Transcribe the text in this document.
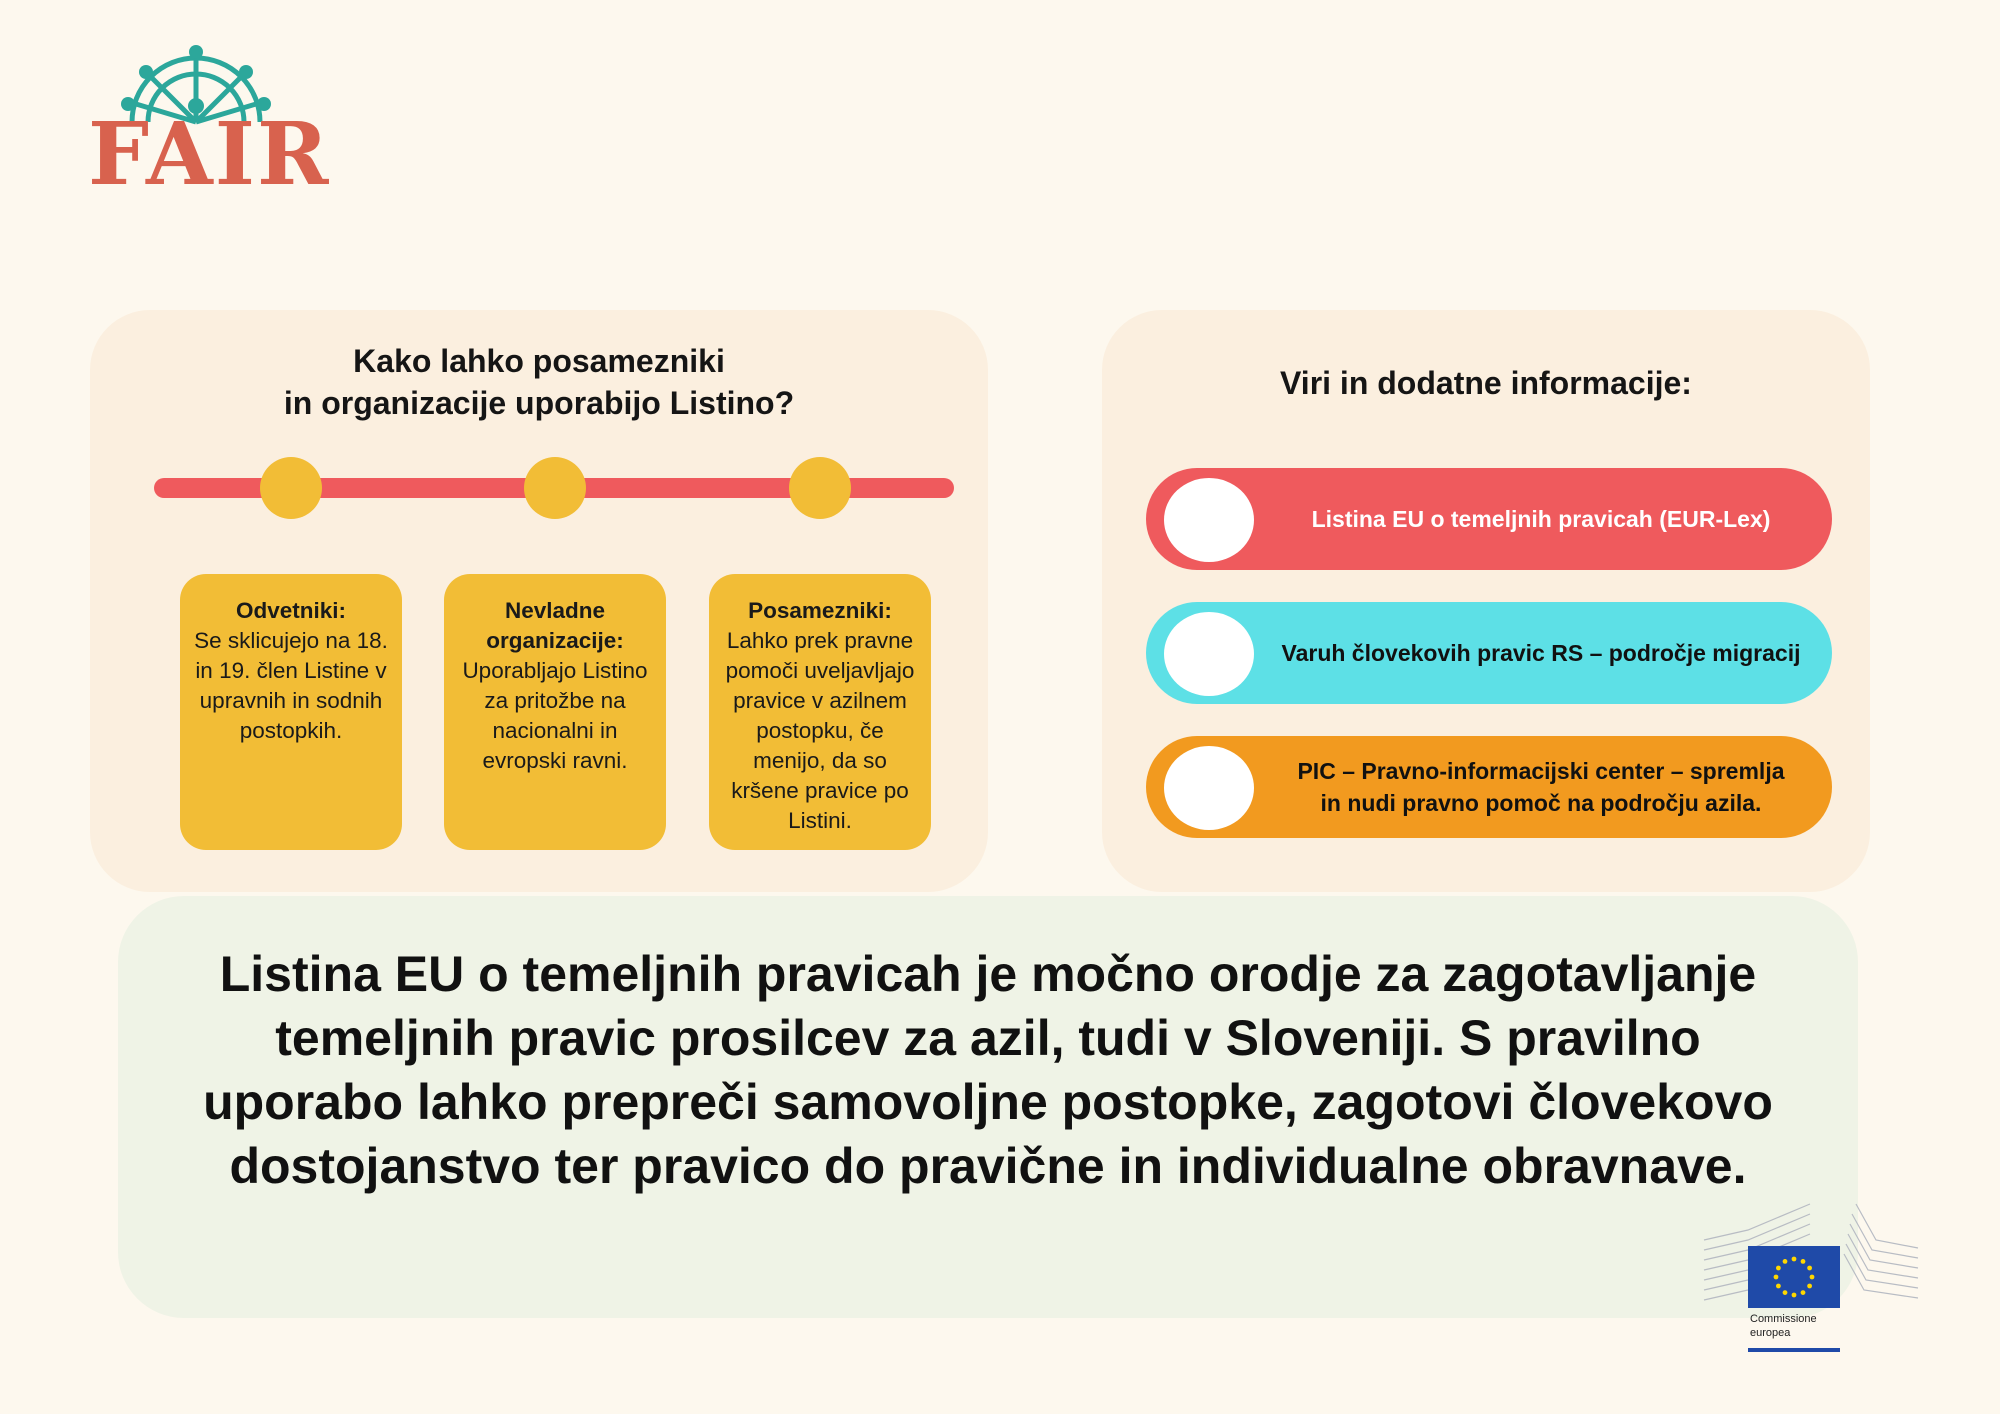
FAIR
Kako lahko posamezniki
in organizacije uporabijo Listino?
Odvetniki:
Se sklicujejo na 18. in 19. člen Listine v upravnih in sodnih postopkih.
Nevladne organizacije:
Uporabljajo Listino za pritožbe na nacionalni in evropski ravni.
Posamezniki:
Lahko prek pravne pomoči uveljavljajo pravice v azilnem postopku, če menijo, da so kršene pravice po Listini.
Viri in dodatne informacije:
Listina EU o temeljnih pravicah (EUR-Lex)
Varuh človekovih pravic RS – področje migracij
PIC – Pravno-informacijski center – spremlja
in nudi pravno pomoč na področju azila.
Listina EU o temeljnih pravicah je močno orodje za zagotavljanje
temeljnih pravic prosilcev za azil, tudi v Sloveniji. S pravilno
uporabo lahko prepreči samovoljne postopke, zagotovi človekovo
dostojanstvo ter pravico do pravične in individualne obravnave.
Commissione
europea
